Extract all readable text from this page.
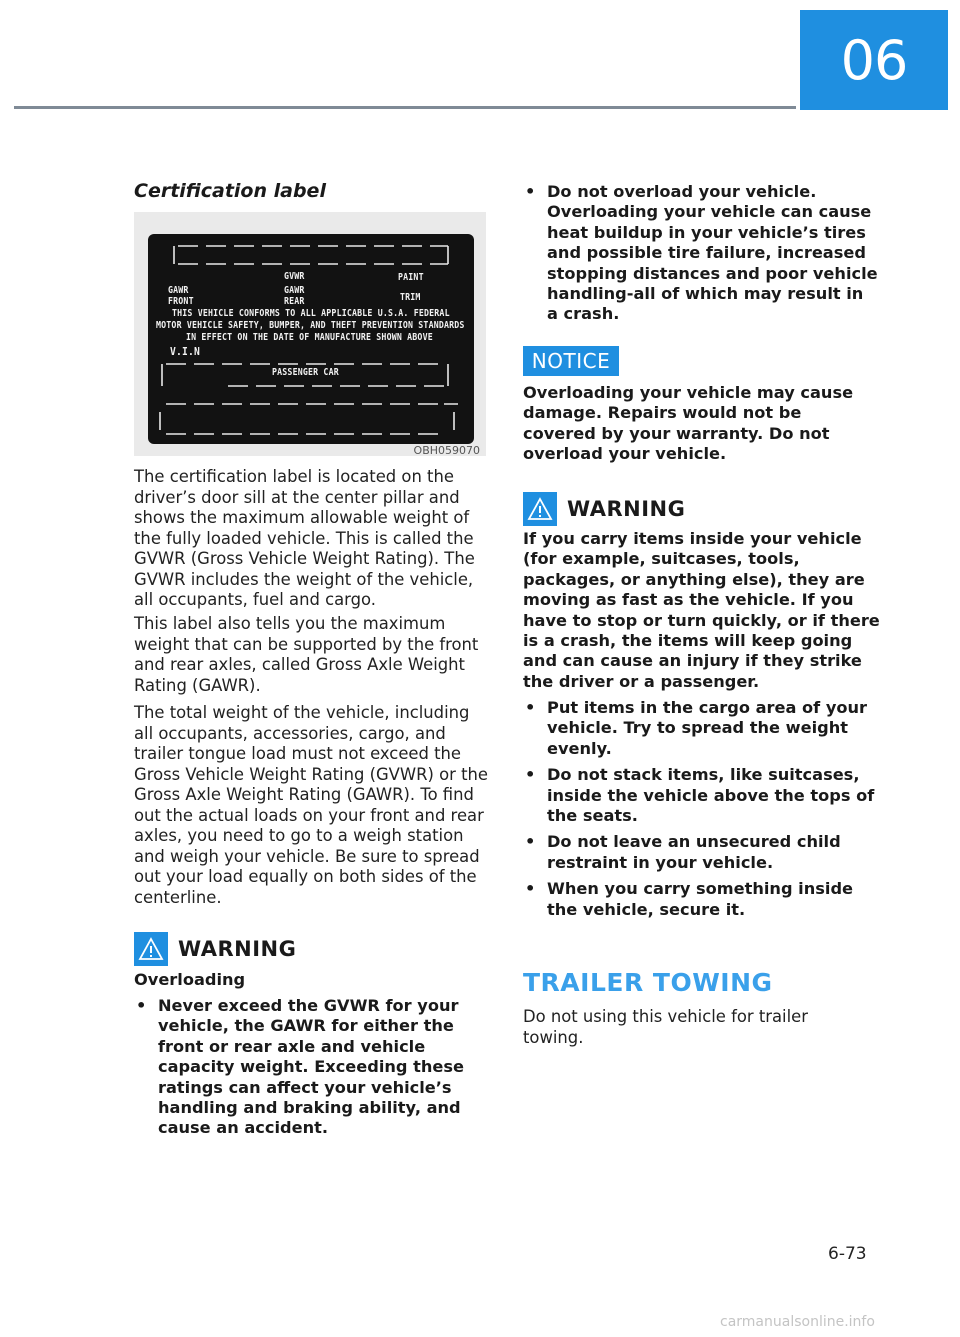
06
Certification label
GVWR	PAINT
GAWR
FRONT
GAWR
REAR	TRIM
THIS VEHICLE CONFORMS TO ALL APPLICABLE U.S.A. FEDERAL
MOTOR VEHICLE SAFETY, BUMPER, AND THEFT PREVENTION STANDARDS
IN EFFECT ON THE DATE OF MANUFACTURE SHOWN ABOVE
V.I.N
PASSENGER CAR
OBH059070

The certification label is located on the driver’s door sill at the center pillar and shows the maximum allowable weight of the fully loaded vehicle. This is called the GVWR (Gross Vehicle Weight Rating). The GVWR includes the weight of the vehicle, all occupants, fuel and cargo.

This label also tells you the maximum weight that can be supported by the front and rear axles, called Gross Axle Weight Rating (GAWR).

The total weight of the vehicle, including all occupants, accessories, cargo, and trailer tongue load must not exceed the Gross Vehicle Weight Rating (GVWR) or the Gross Axle Weight Rating (GAWR). To find out the actual loads on your front and rear axles, you need to go to a weigh station and weigh your vehicle. Be sure to spread out your load equally on both sides of the centerline.

WARNING

Overloading

• Never exceed the GVWR for your vehicle, the GAWR for either the front or rear axle and vehicle capacity weight. Exceeding these ratings can affect your vehicle’s handling and braking ability, and cause an accident.
• Do not overload your vehicle. Overloading your vehicle can cause heat buildup in your vehicle’s tires and possible tire failure, increased stopping distances and poor vehicle handling-all of which may result in a crash.
NOTICE

Overloading your vehicle may cause damage. Repairs would not be covered by your warranty. Do not overload your vehicle.

WARNING

If you carry items inside your vehicle (for example, suitcases, tools, packages, or anything else), they are moving as fast as the vehicle. If you have to stop or turn quickly, or if there is a crash, the items will keep going and can cause an injury if they strike the driver or a passenger.

• Put items in the cargo area of your vehicle. Try to spread the weight evenly.
• Do not stack items, like suitcases, inside the vehicle above the tops of the seats.
• Do not leave an unsecured child restraint in your vehicle.
• When you carry something inside the vehicle, secure it.
TRAILER TOWING

Do not using this vehicle for trailer towing.

6-73
carmanualsonline.info
